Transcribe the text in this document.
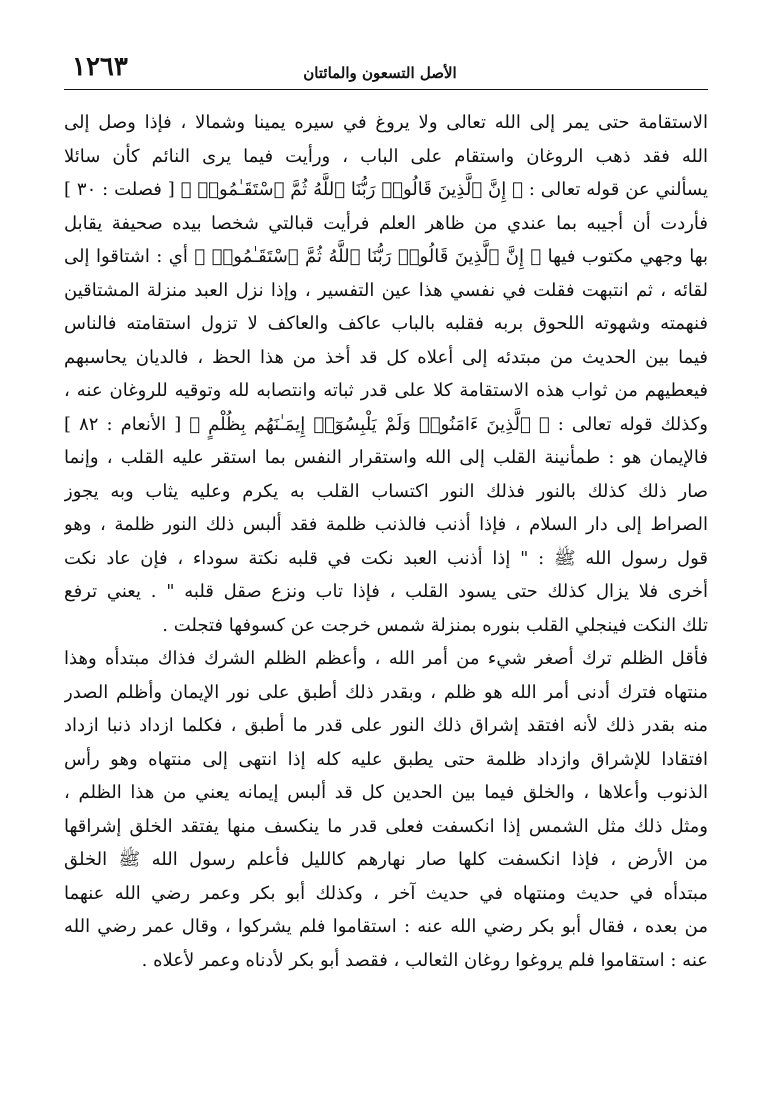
١٢٦٣	الأصل التسعون والمائتان
الاستقامة حتى يمر إلى الله تعالى ولا يروغ في سيره يمينا وشمالا ، فإذا وصل إلى
الله فقد ذهب الروغان واستقام على الباب ، ورأيت فيما يرى النائم كأن سائلا
يسألني عن قوله تعالى : ﴿ إِنَّ ٱلَّذِينَ قَالُوا۟ رَبُّنَا ٱللَّهُ ثُمَّ ٱسْتَقَـٰمُوا۟ ﴾ [ فصلت : ٣٠ ]
فأردت أن أجيبه بما عندي من ظاهر العلم فرأيت قبالتي شخصا بيده صحيفة يقابل
بها وجهي مكتوب فيها ﴿ إِنَّ ٱلَّذِينَ قَالُوا۟ رَبُّنَا ٱللَّهُ ثُمَّ ٱسْتَقَـٰمُوا۟ ﴾ أي : اشتاقوا إلى
لقائه ، ثم انتبهت فقلت في نفسي هذا عين التفسير ، وإذا نزل العبد منزلة المشتاقين
فنهمته وشهوته اللحوق بربه فقلبه بالباب عاكف والعاكف لا تزول استقامته فالناس
فيما بين الحديث من مبتدئه إلى أعلاه كل قد أخذ من هذا الحظ ، فالديان يحاسبهم
فيعطيهم من ثواب هذه الاستقامة كلا على قدر ثباته وانتصابه لله وتوقيه للروغان عنه ،
وكذلك قوله تعالى : ﴿ ٱلَّذِينَ ءَامَنُوا۟ وَلَمْ يَلْبِسُوٓا۟ إِيمَـٰنَهُم بِظُلْمٍ ﴾ [ الأنعام : ٨٢ ]
فالإيمان هو : طمأنينة القلب إلى الله واستقرار النفس بما استقر عليه القلب ، وإنما
صار ذلك كذلك بالنور فذلك النور اكتساب القلب به يكرم وعليه يثاب وبه يجوز
الصراط إلى دار السلام ، فإذا أذنب فالذنب ظلمة فقد ألبس ذلك النور ظلمة ، وهو
قول رسول الله ﷺ : " إذا أذنب العبد نكت في قلبه نكتة سوداء ، فإن عاد نكت
أخرى فلا يزال كذلك حتى يسود القلب ، فإذا تاب ونزع صقل قلبه " . يعني ترفع
تلك النكت فينجلي القلب بنوره بمنزلة شمس خرجت عن كسوفها فتجلت .
فأقل الظلم ترك أصغر شيء من أمر الله ، وأعظم الظلم الشرك فذاك مبتدأه وهذا
منتهاه فترك أدنى أمر الله هو ظلم ، وبقدر ذلك أطبق على نور الإيمان وأظلم الصدر
منه بقدر ذلك لأنه افتقد إشراق ذلك النور على قدر ما أطبق ، فكلما ازداد ذنبا ازداد
افتقادا للإشراق وازداد ظلمة حتى يطبق عليه كله إذا انتهى إلى منتهاه وهو رأس
الذنوب وأعلاها ، والخلق فيما بين الحدين كل قد ألبس إيمانه يعني من هذا الظلم ،
ومثل ذلك مثل الشمس إذا انكسفت فعلى قدر ما ينكسف منها يفتقد الخلق إشراقها
من الأرض ، فإذا انكسفت كلها صار نهارهم كالليل فأعلم رسول الله ﷺ الخلق
مبتدأه في حديث ومنتهاه في حديث آخر ، وكذلك أبو بكر وعمر رضي الله عنهما
من بعده ، فقال أبو بكر رضي الله عنه : استقاموا فلم يشركوا ، وقال عمر رضي الله
عنه : استقاموا فلم يروغوا روغان الثعالب ، فقصد أبو بكر لأدناه وعمر لأعلاه .
